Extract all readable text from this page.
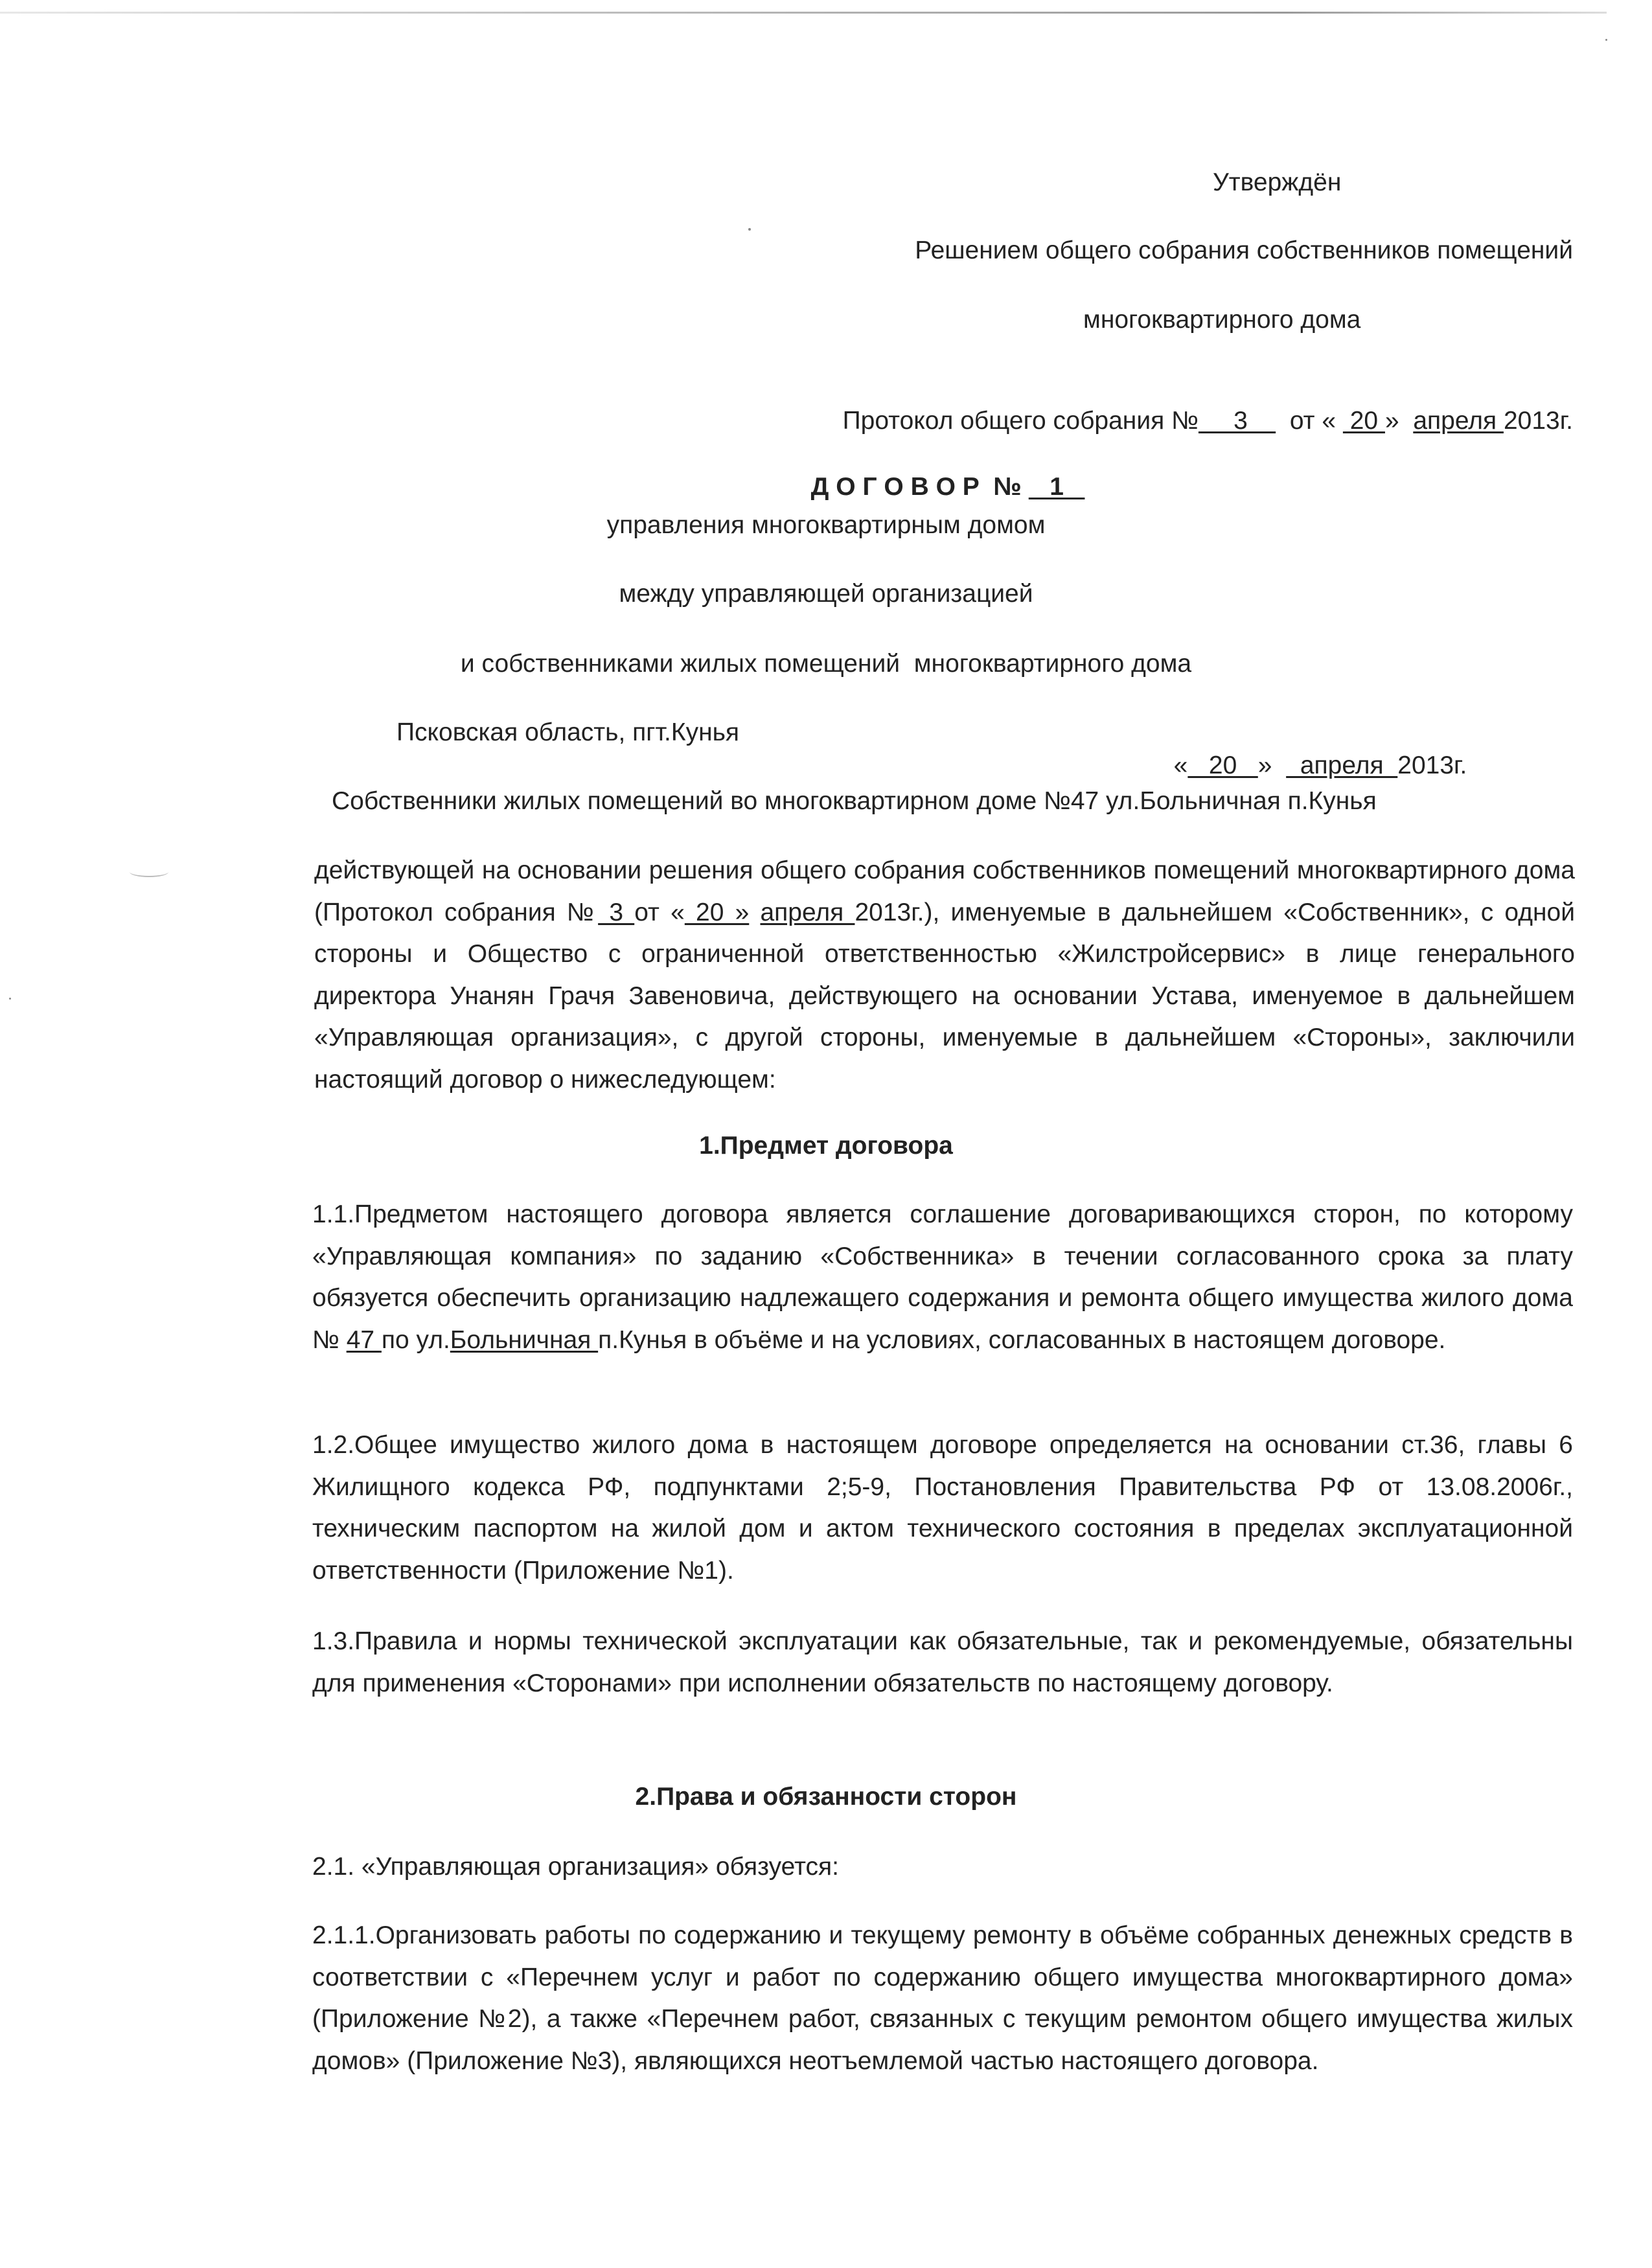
Утверждён
Решением общего собрания собственников помещений
многоквартирного дома

Протокол общего собрания №     3      от «  20 »  апреля 2013г.

Д О Г О В О Р  №    1

управления многоквартирным домом
между управляющей организацией
и собственниками жилых помещений  многоквартирного дома
Псковская область, пгт.Кунья

«   20   »    апреля  2013г.

Собственники жилых помещений во многоквартирном доме №47 ул.Больничная п.Кунья

действующей на основании решения общего собрания собственников помещений многоквартирного дома (Протокол собрания № 3 от « 20 » апреля 2013г.), именуемые в дальнейшем «Собственник», с одной стороны и Общество с ограниченной ответственностью «Жилстройсервис» в лице генерального директора Унанян Грачя Завеновича, действующего на основании Устава, именуемое в дальнейшем «Управляющая организация», с другой стороны, именуемые в дальнейшем «Стороны», заключили настоящий договор о нижеследующем:

1.Предмет договора

1.1.Предметом настоящего договора является соглашение договаривающихся сторон, по которому «Управляющая компания» по заданию «Собственника» в течении согласованного срока за плату обязуется обеспечить организацию надлежащего содержания и ремонта общего имущества жилого дома № 47 по ул.Больничная п.Кунья в объёме и на условиях, согласованных в настоящем договоре.

1.2.Общее имущество жилого дома в настоящем договоре определяется на основании ст.36, главы 6 Жилищного кодекса РФ, подпунктами 2;5-9, Постановления Правительства РФ от 13.08.2006г., техническим паспортом на жилой дом и актом технического состояния в пределах эксплуатационной ответственности (Приложение №1).

1.3.Правила и нормы технической эксплуатации как обязательные, так и рекомендуемые, обязательны для применения «Сторонами» при исполнении обязательств по настоящему договору.

2.Права и обязанности сторон
2.1. «Управляющая организация» обязуется:

2.1.1.Организовать работы по содержанию и текущему ремонту в объёме собранных денежных средств в соответствии с «Перечнем услуг и работ по содержанию общего имущества многоквартирного дома» (Приложение №2), а также «Перечнем работ, связанных с текущим ремонтом общего имущества жилых домов» (Приложение №3), являющихся неотъемлемой частью настоящего договора.
